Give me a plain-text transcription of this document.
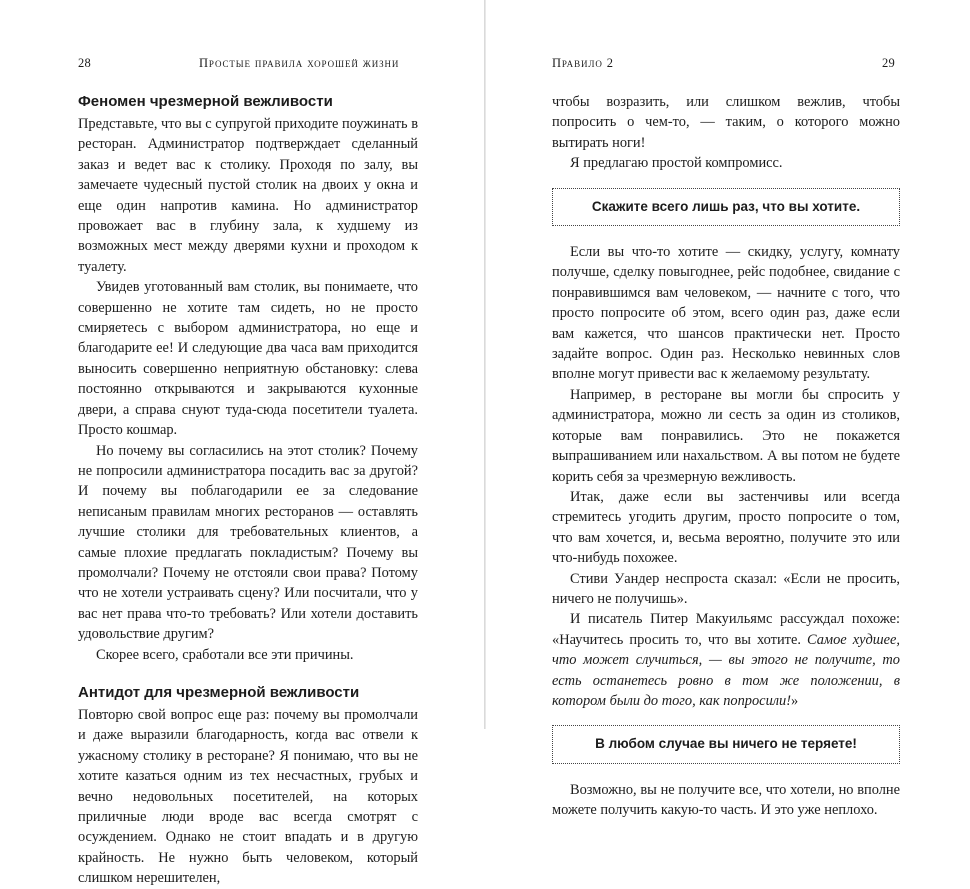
28	Простые правила хорошей жизни
Феномен чрезмерной вежливости

Представьте, что вы с супругой приходите поужинать в ресторан. Администратор подтверждает сделанный заказ и ведет вас к столику. Проходя по залу, вы замечаете чудесный пустой столик на двоих у окна и еще один напротив камина. Но администратор провожает вас в глубину зала, к худшему из возможных мест между дверями кухни и проходом к туалету.

Увидев уготованный вам столик, вы понимаете, что совершенно не хотите там сидеть, но не просто смиряетесь с выбором администратора, но еще и благодарите ее! И следующие два часа вам приходится выносить совершенно неприятную обстановку: слева постоянно открываются и закрываются кухонные двери, а справа снуют туда-сюда посетители туалета. Просто кошмар.

Но почему вы согласились на этот столик? Почему не попросили администратора посадить вас за другой? И почему вы поблагодарили ее за следование неписаным правилам многих ресторанов — оставлять лучшие столики для требовательных клиентов, а самые плохие предлагать покладистым? Почему вы промолчали? Почему не отстояли свои права? Потому что не хотели устраивать сцену? Или посчитали, что у вас нет права что-то требовать? Или хотели доставить удовольствие другим?

Скорее всего, сработали все эти причины.

Антидот для чрезмерной вежливости

Повторю свой вопрос еще раз: почему вы промолчали и даже выразили благодарность, когда вас отвели к ужасному столику в ресторане? Я понимаю, что вы не хотите казаться одним из тех несчастных, грубых и вечно недовольных посетителей, на которых приличные люди вроде вас всегда смотрят с осуждением. Однако не стоит впадать и в другую крайность. Не нужно быть человеком, который слишком нерешителен,

Правило 2	29

чтобы возразить, или слишком вежлив, чтобы попросить о чем-то, — таким, о которого можно вытирать ноги!

Я предлагаю простой компромисс.

Скажите всего лишь раз, что вы хотите.

Если вы что-то хотите — скидку, услугу, комнату получше, сделку повыгоднее, рейс подобнее, свидание с понравившимся вам человеком, — начните с того, что просто попросите об этом, всего один раз, даже если вам кажется, что шансов практически нет. Просто задайте вопрос. Один раз. Несколько невинных слов вполне могут привести вас к желаемому результату.

Например, в ресторане вы могли бы спросить у администратора, можно ли сесть за один из столиков, которые вам понравились. Это не покажется выпрашиванием или нахальством. А вы потом не будете корить себя за чрезмерную вежливость.

Итак, даже если вы застенчивы или всегда стремитесь угодить другим, просто попросите о том, что вам хочется, и, весьма вероятно, получите это или что-нибудь похожее.

Стиви Уандер неспроста сказал: «Если не просить, ничего не получишь».

И писатель Питер Макуильямс рассуждал похоже: «Научитесь просить то, что вы хотите. Самое худшее, что может случиться, — вы этого не получите, то есть останетесь ровно в том же положении, в котором были до того, как попросили!»

В любом случае вы ничего не теряете!

Возможно, вы не получите все, что хотели, но вполне можете получить какую-то часть. И это уже неплохо.
